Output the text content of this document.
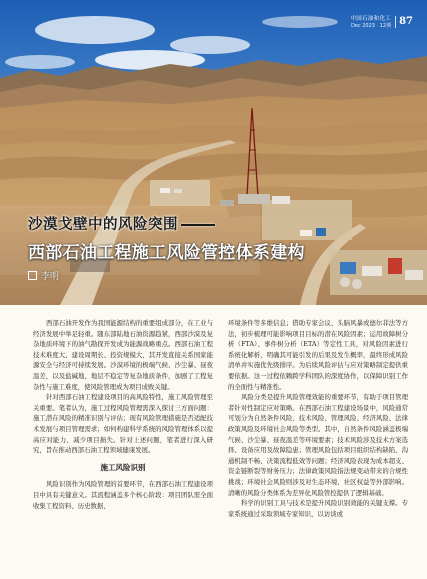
中国石油和化工
Dec 2023 · 12期 87
沙漠戈壁中的风险突围
西部石油工程施工风险管控体系建构
李明

西部石油开发作为我国能源结构的重要组成部分，在工业与经济发展中举足轻重。随东部陆地石油资源趋紧，西部沙漠及复杂地质环境下的油气勘探开发成为能源战略重点。西部石油工程技术难度大、建设周期长、投资规模大，其开发直接关系国家能源安全与经济可持续发展。沙漠环境的极端气候、沙尘暴、昼夜温差，以及盐碱地、地层不稳定等复杂地质条件，加剧了工程复杂性与施工难度，使风险管理成为项目成败关键。

针对西部石油工程建设项目的高风险特性，施工风险管理至关重要。笔者认为，施工过程风险管理需深入探讨三方面问题：施工潜在风险的精准识别与评估；现有风险管理措施是否适配技术发展与项目管理需求；如何构建科学系统的风险管理体系以提高应对能力、减少项目损失。针对上述问题，笔者进行深入研究，旨在推动西部石油工程领域健康发展。

施工风险识别

风险识别作为风险管理的首要环节，在西部石油工程建设项目中具有关键意义。其流程涵盖多个核心阶段：项目团队需全面收集工程资料、历史数据、

环境条件等多维信息；借助专家会议、头脑风暴或德尔菲法等方法，初步梳理可能影响项目目标的潜在风险因素；运用故障树分析（FTA）、事件树分析（ETA）等定性工具，对风险因素进行系统化解析，明确其可能引发的后果及发生概率，最终形成风险清单并实施优先级排序。为后续风险评估与应对策略制定提供重要依据。这一过程依赖跨学科团队的深度协作，以保障识别工作的全面性与精准性。

风险分类是提升风险管理效能的重要环节，有助于项目管理者针对性制定应对策略。在西部石油工程建设场景中，风险通常可划分为自然条件风险、技术风险、管理风险、经济风险、法律政策风险及环境社会风险等类型。其中，自然条件风险涵盖极端气候、沙尘暴、昼夜温差等环境要素；技术风险涉及技术方案选择、设备应用及故障隐患；管理风险包括项目组织结构缺陷、沟通机制不畅、决策流程低效等问题；经济风险表现为成本超支、资金链断裂等财务压力；法律政策风险指法规变动带来的合规性挑战；环境社会风险则涉及对生态环境、社区权益等外部影响。清晰的风险分类体系为差异化风险管控提供了逻辑基础。

科学的识别工具与技术是提升风险识别效能的关键支撑。专家系统通过采取领域专家知识，以访谈或
